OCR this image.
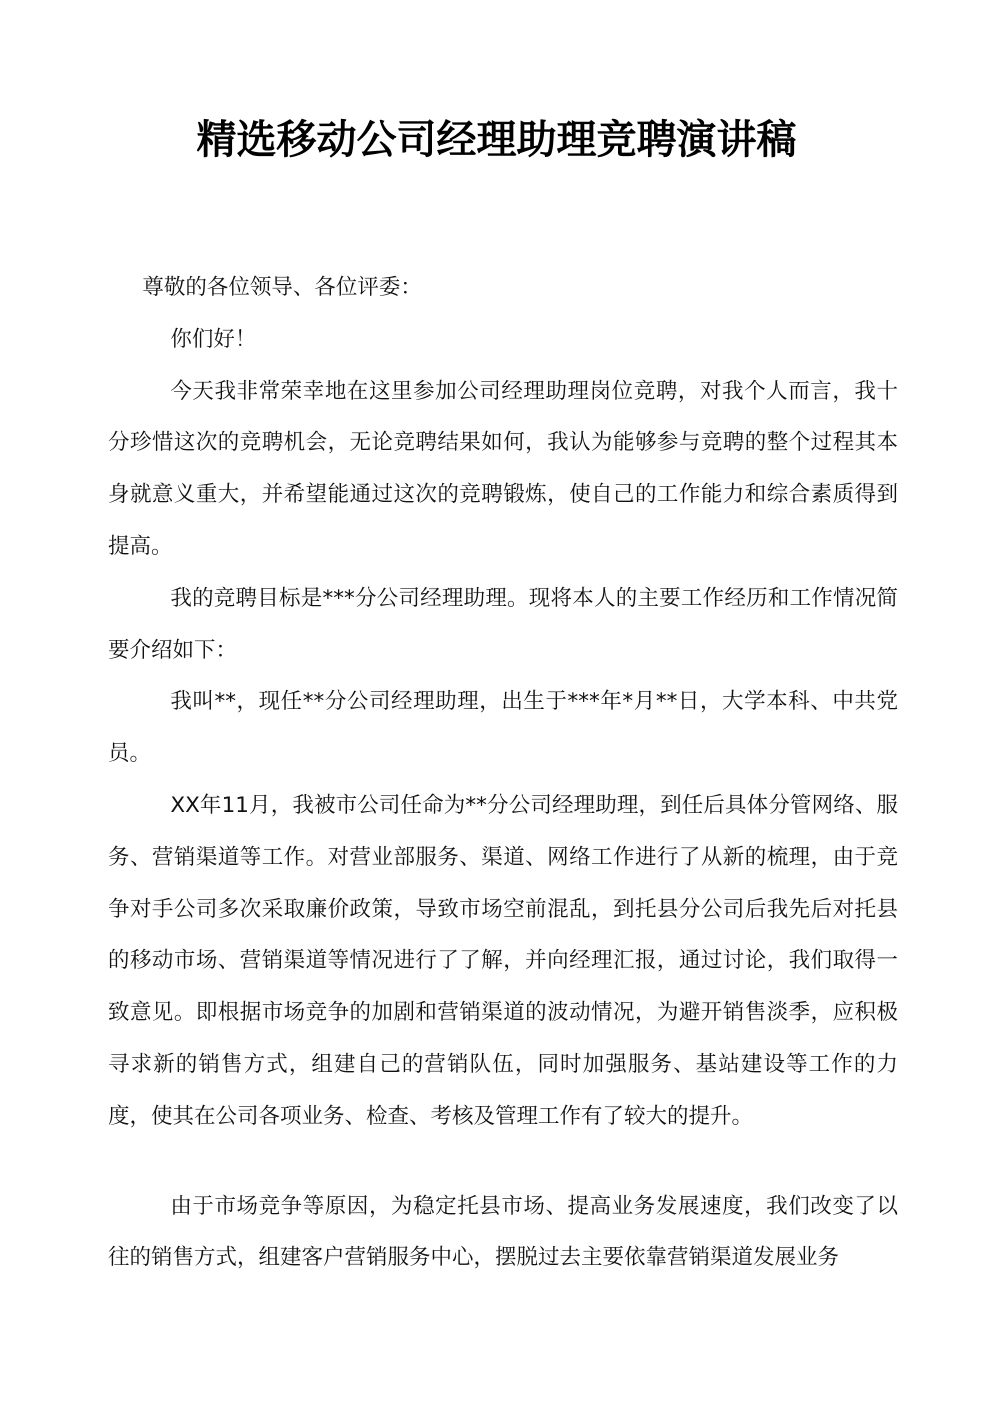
精选移动公司经理助理竞聘演讲稿

尊敬的各位领导、各位评委：

你们好！

今天我非常荣幸地在这里参加公司经理助理岗位竞聘，对我个人而言，我十分珍惜这次的竞聘机会，无论竞聘结果如何，我认为能够参与竞聘的整个过程其本身就意义重大，并希望能通过这次的竞聘锻炼，使自己的工作能力和综合素质得到提高。

我的竞聘目标是***分公司经理助理。现将本人的主要工作经历和工作情况简要介绍如下：

我叫**，现任**分公司经理助理，出生于***年*月**日，大学本科、中共党员。

XX年11月，我被市公司任命为**分公司经理助理，到任后具体分管网络、服务、营销渠道等工作。对营业部服务、渠道、网络工作进行了从新的梳理，由于竞争对手公司多次采取廉价政策，导致市场空前混乱，到托县分公司后我先后对托县的移动市场、营销渠道等情况进行了了解，并向经理汇报，通过讨论，我们取得一致意见。即根据市场竞争的加剧和营销渠道的波动情况，为避开销售淡季，应积极寻求新的销售方式，组建自己的营销队伍，同时加强服务、基站建设等工作的力度，使其在公司各项业务、检查、考核及管理工作有了较大的提升。

由于市场竞争等原因，为稳定托县市场、提高业务发展速度，我们改变了以往的销售方式，组建客户营销服务中心，摆脱过去主要依靠营销渠道发展业务
